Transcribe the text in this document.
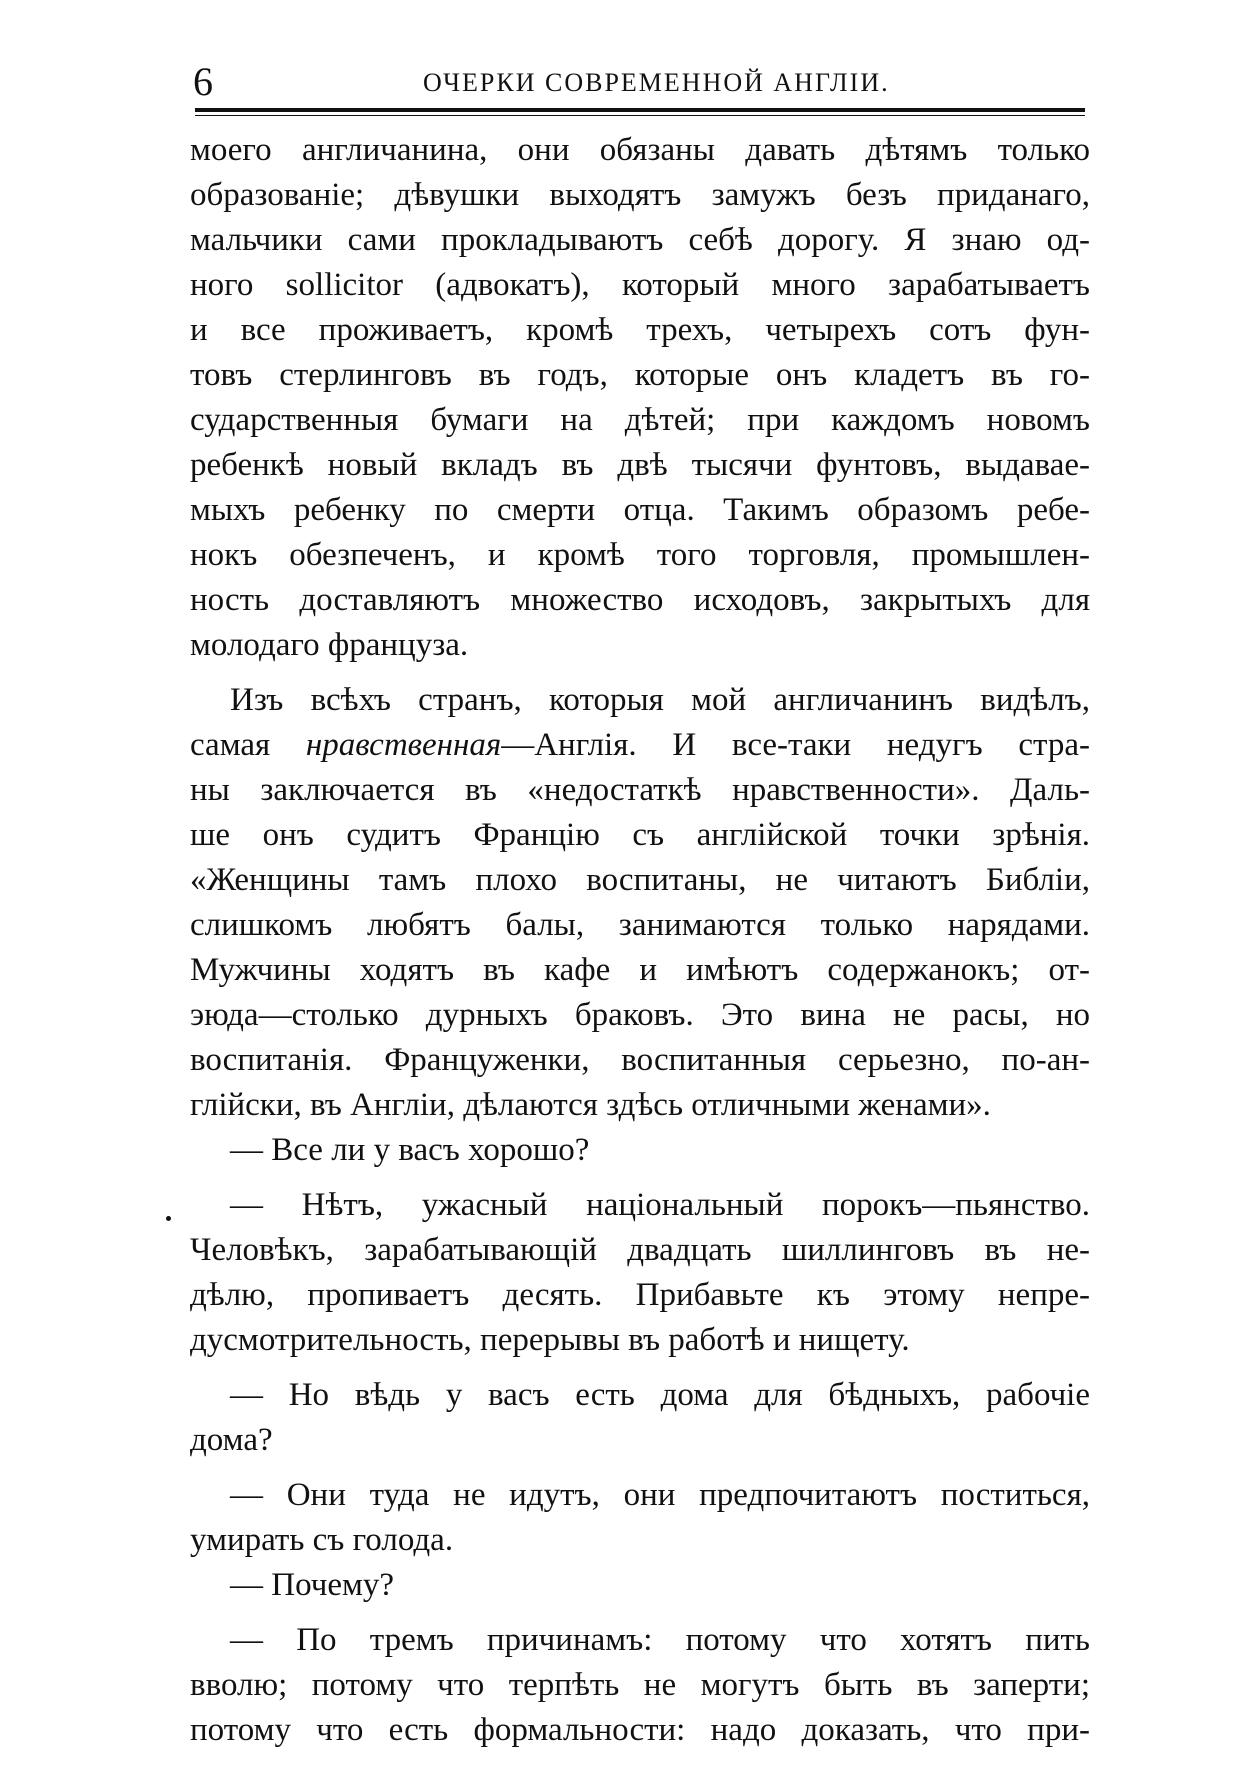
6	ОЧЕРКИ СОВРЕМЕННОЙ АНГЛIИ.
моего англичанина, они обязаны давать дѣтямъ только
образованiе; дѣвушки выходятъ замужъ безъ приданаго,
мальчики сами прокладываютъ себѣ дорогу. Я знаю од-
ного sollicitor (адвокатъ), который много зарабатываетъ
и все проживаетъ, кромѣ трехъ, четырехъ сотъ фун-
товъ стерлинговъ въ годъ, которые онъ кладетъ въ го-
сударственныя бумаги на дѣтей; при каждомъ новомъ
ребенкѣ новый вкладъ въ двѣ тысячи фунтовъ, выдавае-
мыхъ ребенку по смерти отца. Такимъ образомъ ребе-
нокъ обезпеченъ, и кромѣ того торговля, промышлен-
ность доставляютъ множество исходовъ, закрытыхъ для
молодаго француза.
Изъ всѣхъ странъ, которыя мой англичанинъ видѣлъ,
самая нравственная—Англiя. И все-таки недугъ стра-
ны заключается въ «недостаткѣ нравственности». Даль-
ше онъ судитъ Францiю съ англiйской точки зрѣнiя.
«Женщины тамъ плохо воспитаны, не читаютъ Библiи,
слишкомъ любятъ балы, занимаются только нарядами.
Мужчины ходятъ въ кафе и имѣютъ содержанокъ; от-
эюда—столько дурныхъ браковъ. Это вина не расы, но
воспитанiя. Француженки, воспитанныя серьезно, по-ан-
глiйски, въ Англiи, дѣлаются здѣсь отличными женами».
— Все ли у васъ хорошо?
— Нѣтъ, ужасный нацiональный порокъ—пьянство.
Человѣкъ, зарабатывающiй двадцать шиллинговъ въ не-
дѣлю, пропиваетъ десять. Прибавьте къ этому непре-
дусмотрительность, перерывы въ работѣ и нищету.
— Но вѣдь у васъ есть дома для бѣдныхъ, рабочiе
дома?
— Они туда не идутъ, они предпочитаютъ поститься,
умирать съ голода.
— Почему?
— По тремъ причинамъ: потому что хотятъ пить
вволю; потому что терпѣть не могутъ быть въ заперти;
потому что есть формальности: надо доказать, что при-
